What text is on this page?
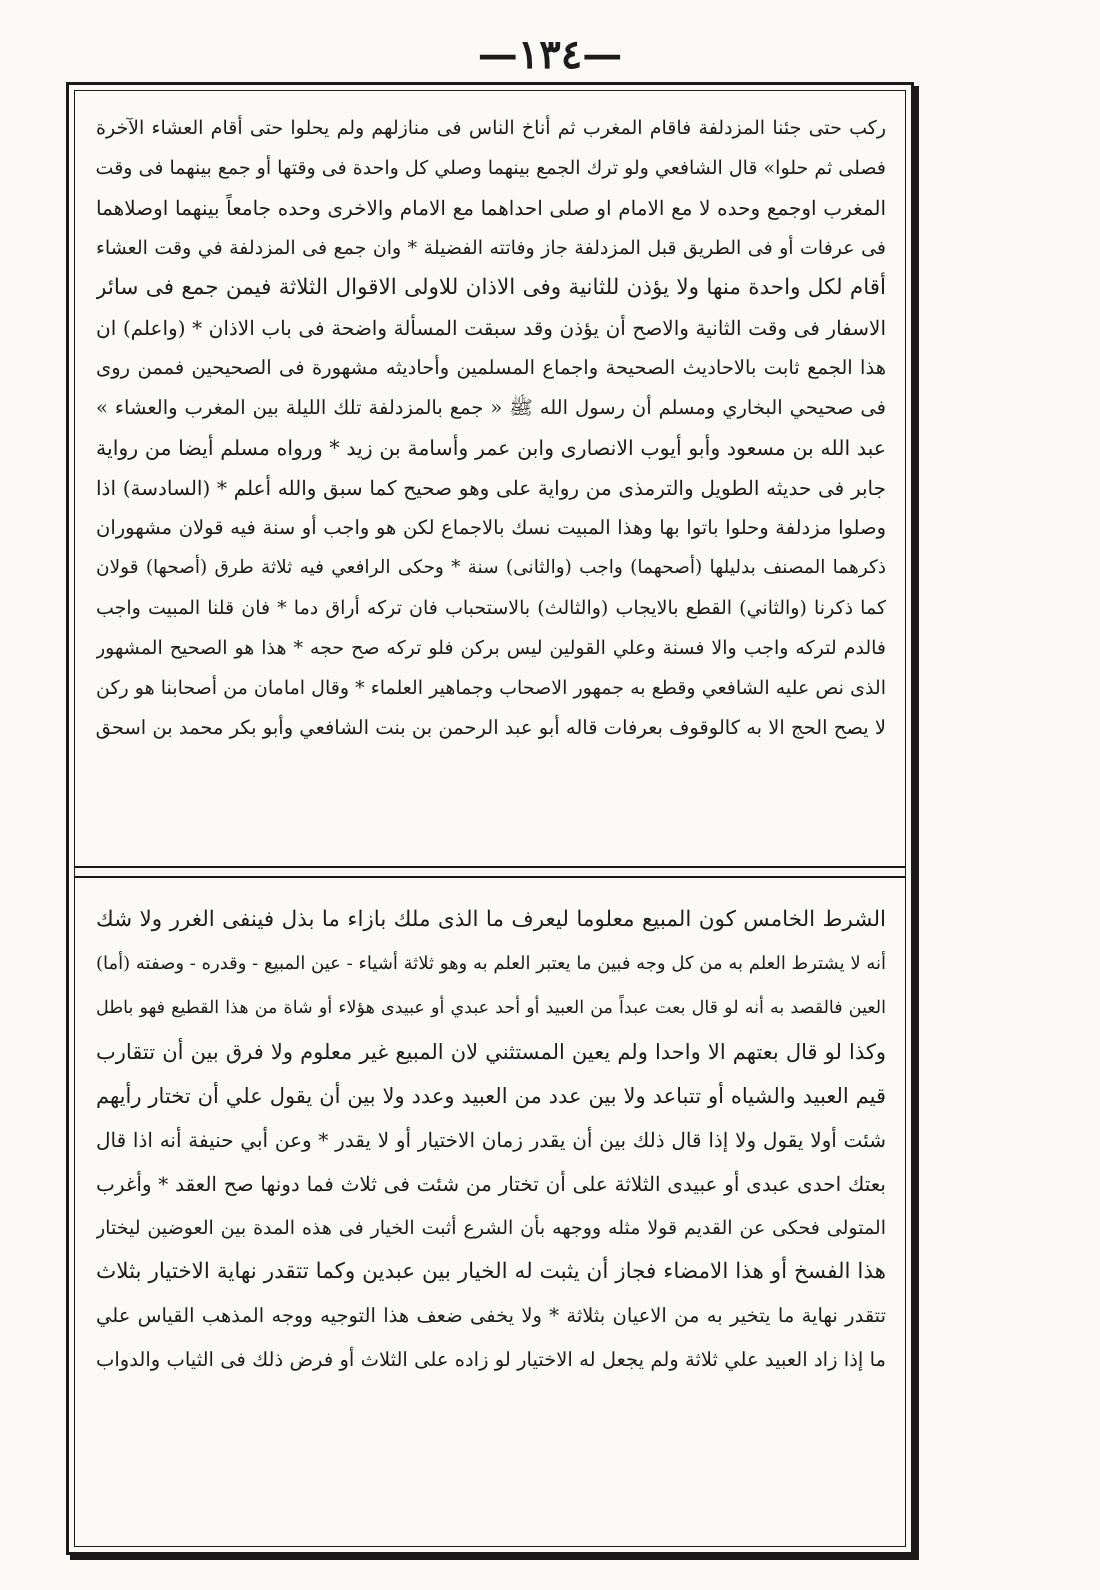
—١٣٤—
ركب حتى جئنا المزدلفة فاقام المغرب ثم أناخ الناس فى منازلهم ولم يحلوا حتى أقام العشاء الآخرة
فصلى ثم حلوا» قال الشافعي ولو ترك الجمع بينهما وصلي كل واحدة فى وقتها أو جمع بينهما فى وقت
المغرب اوجمع وحده لا مع الامام او صلى احداهما مع الامام والاخرى وحده جامعاً بينهما اوصلاهما
فى عرفات أو فى الطريق قبل المزدلفة جاز وفاتته الفضيلة * وان جمع فى المزدلفة في وقت العشاء
أقام لكل واحدة منها ولا يؤذن للثانية وفى الاذان للاولى الاقوال الثلاثة فيمن جمع فى سائر
الاسفار فى وقت الثانية والاصح أن يؤذن وقد سبقت المسألة واضحة فى باب الاذان * (واعلم) ان
هذا الجمع ثابت بالاحاديث الصحيحة واجماع المسلمين وأحاديثه مشهورة فى الصحيحين فممن روى
فى صحيحي البخاري ومسلم أن رسول الله ﷺ « جمع بالمزدلفة تلك الليلة بين المغرب والعشاء »
عبد الله بن مسعود وأبو أيوب الانصارى وابن عمر وأسامة بن زيد * ورواه مسلم أيضا من رواية
جابر فى حديثه الطويل والترمذى من رواية على وهو صحيح كما سبق والله أعلم * (السادسة) اذا
وصلوا مزدلفة وحلوا باتوا بها وهذا المبيت نسك بالاجماع لكن هو واجب أو سنة فيه قولان مشهوران
ذكرهما المصنف بدليلها (أصحهما) واجب (والثانى) سنة * وحكى الرافعي فيه ثلاثة طرق (أصحها) قولان
كما ذكرنا (والثاني) القطع بالايجاب (والثالث) بالاستحباب فان تركه أراق دما * فان قلنا المبيت واجب
فالدم لتركه واجب والا فسنة وعلي القولين ليس بركن فلو تركه صح حجه * هذا هو الصحيح المشهور
الذى نص عليه الشافعي وقطع به جمهور الاصحاب وجماهير العلماء * وقال امامان من أصحابنا هو ركن
لا يصح الحج الا به كالوقوف بعرفات قاله أبو عبد الرحمن بن بنت الشافعي وأبو بكر محمد بن اسحق
الشرط الخامس كون المبيع معلوما ليعرف ما الذى ملك بازاء ما بذل فينفى الغرر ولا شك
أنه لا يشترط العلم به من كل وجه فبين ما يعتبر العلم به وهو ثلاثة أشياء - عين المبيع - وقدره - وصفته (أما)
العين فالقصد به أنه لو قال بعت عبداً من العبيد أو أحد عبدي أو عبيدى هؤلاء أو شاة من هذا القطيع فهو باطل
وكذا لو قال بعتهم الا واحدا ولم يعين المستثني لان المبيع غير معلوم ولا فرق بين أن تتقارب
قيم العبيد والشياه أو تتباعد ولا بين عدد من العبيد وعدد ولا بين أن يقول علي أن تختار رأيهم
شئت أولا يقول ولا إذا قال ذلك بين أن يقدر زمان الاختيار أو لا يقدر * وعن أبي حنيفة أنه اذا قال
بعتك احدى عبدى أو عبيدى الثلاثة على أن تختار من شئت فى ثلاث فما دونها صح العقد * وأغرب
المتولى فحكى عن القديم قولا مثله ووجهه بأن الشرع أثبت الخيار فى هذه المدة بين العوضين ليختار
هذا الفسخ أو هذا الامضاء فجاز أن يثبت له الخيار بين عبدين وكما تتقدر نهاية الاختيار بثلاث
تتقدر نهاية ما يتخير به من الاعيان بثلاثة * ولا يخفى ضعف هذا التوجيه ووجه المذهب القياس علي
ما إذا زاد العبيد علي ثلاثة ولم يجعل له الاختيار لو زاده على الثلاث أو فرض ذلك فى الثياب والدواب
